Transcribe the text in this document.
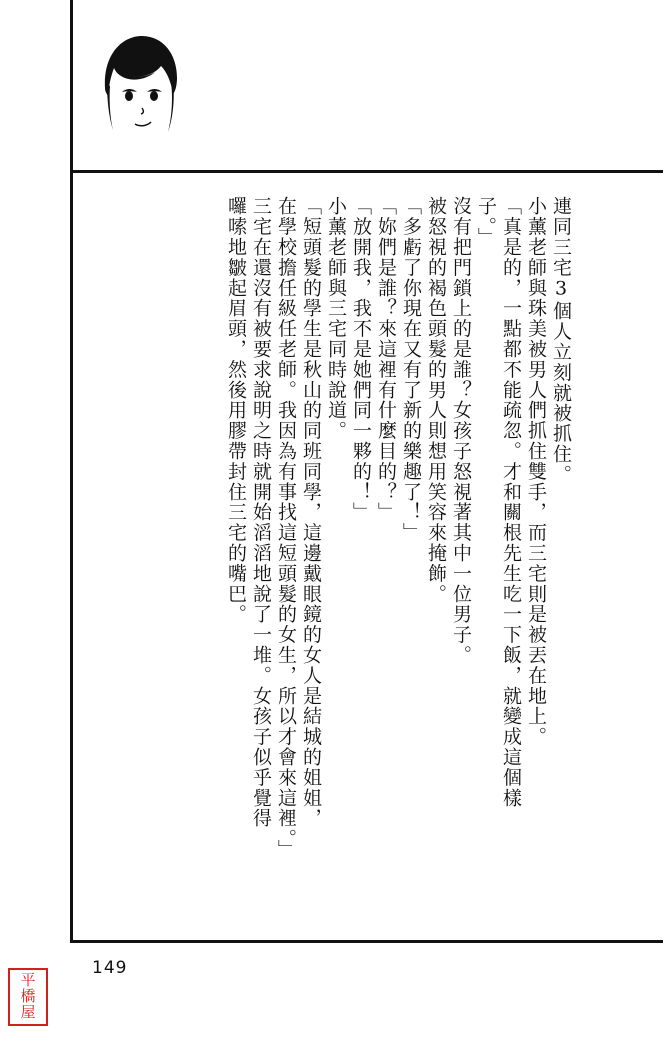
連同三宅3個人立刻就被抓住。
小薰老師與珠美被男人們抓住雙手，而三宅則是被丟在地上。
「真是的，一點都不能疏忽。才和關根先生吃一下飯，就變成這個樣
子。」
沒有把門鎖上的是誰？女孩子怒視著其中一位男子。
被怒視的褐色頭髮的男人則想用笑容來掩飾。
「多虧了你現在又有了新的樂趣了！」
「妳們是誰？來這裡有什麼目的？」
「放開我，我不是她們同一夥的！」
小薰老師與三宅同時說道。
「短頭髮的學生是秋山的同班同學，這邊戴眼鏡的女人是結城的姐姐，
在學校擔任級任老師。我因為有事找這短頭髮的女生，所以才會來這裡。」
三宅在還沒有被要求說明之時就開始滔滔地說了一堆。女孩子似乎覺得
囉嗦地皺起眉頭，然後用膠帶封住三宅的嘴巴。
149
平
橋
屋
